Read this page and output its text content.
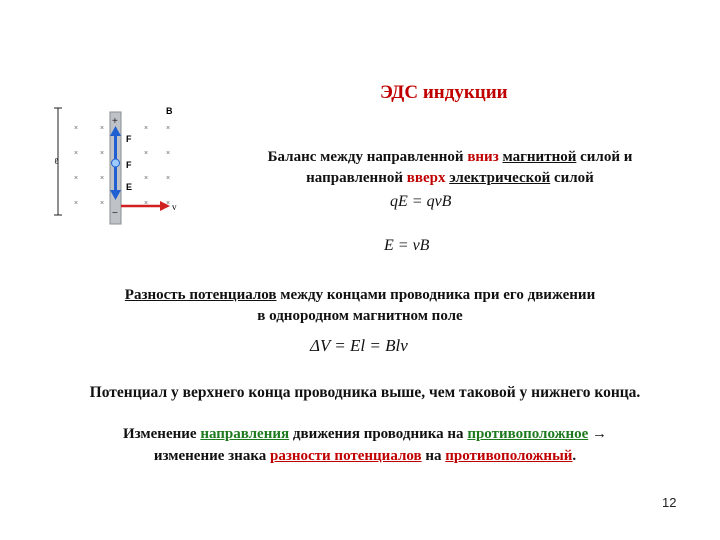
ЭДС индукции
ℓ
×
×
×
×
×
×
×
×
×
×
×
×
×
×
×
×
B
+
−
F
F
E
v
Баланс между направленной вниз магнитной силой и
направленной вверх электрической силой
qE = qvB
E = vB
Разность потенциалов между концами проводника при его движении
в однородном магнитном поле
ΔV = El = Blv
Потенциал у верхнего конца проводника выше, чем таковой у нижнего конца.
Изменение направления движения проводника на противоположное →
изменение знака разности потенциалов на противоположный.
12
